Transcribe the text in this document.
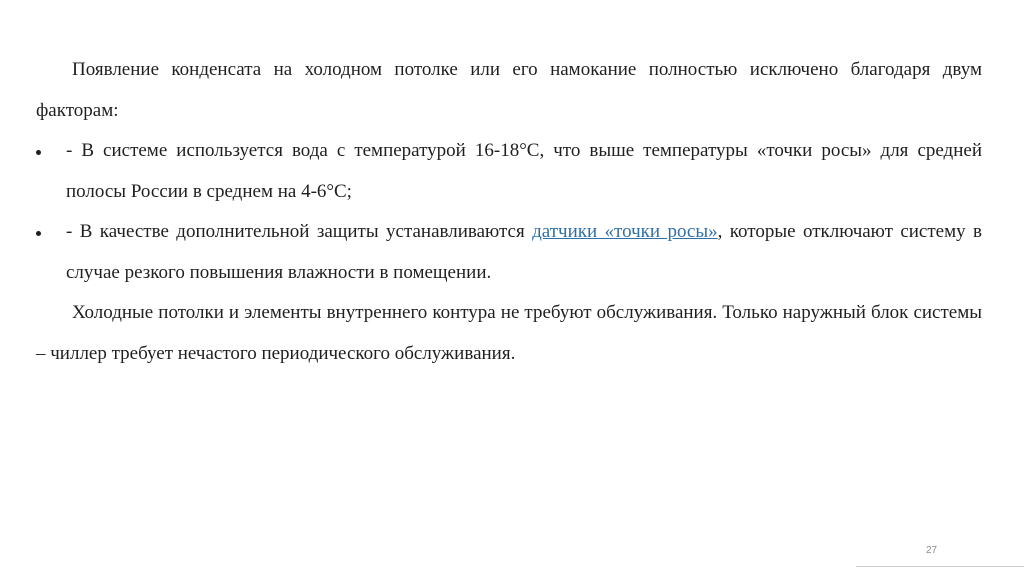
Появление конденсата на холодном потолке или его намокание полностью исключено благодаря двум факторам:

- В системе используется вода с температурой 16-18°С, что выше температуры «точки росы» для средней полосы России в среднем на 4-6°С;
- В качестве дополнительной защиты устанавливаются датчики «точки росы», которые отключают систему в случае резкого повышения влажности в помещении.

Холодные потолки и элементы внутреннего контура не требуют обслуживания. Только наружный блок системы – чиллер требует нечастого периодического обслуживания.

27
